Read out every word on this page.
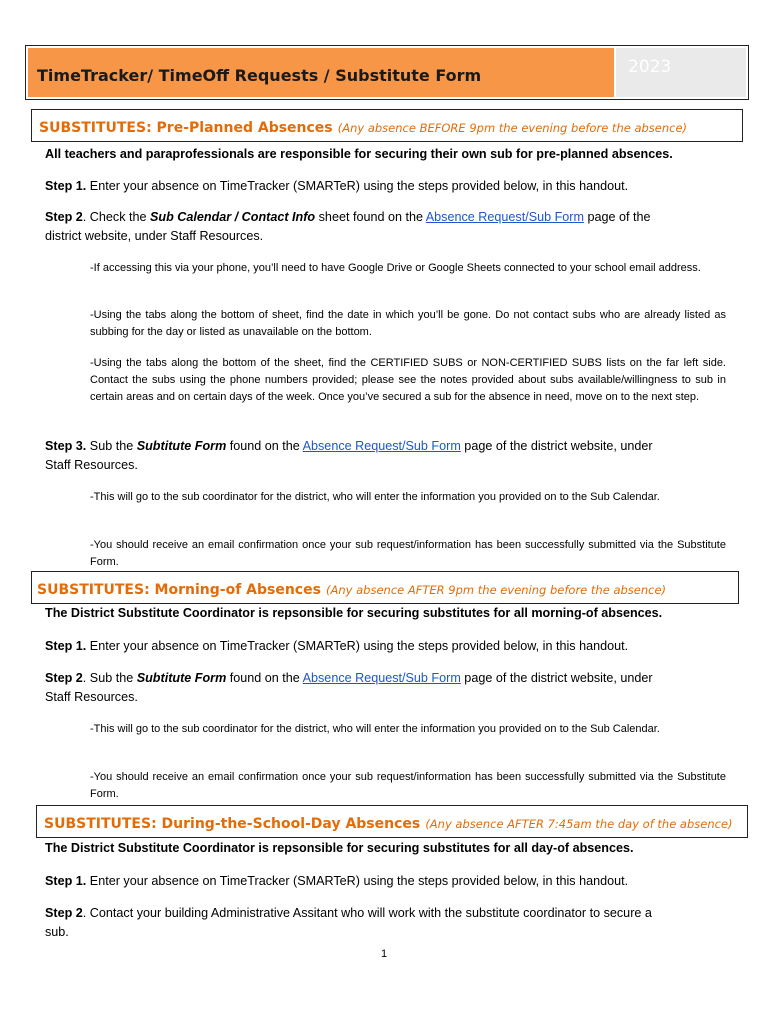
TimeTracker/ TimeOff Requests / Substitute Form	2023
SUBSTITUTES: Pre-Planned Absences (Any absence BEFORE 9pm the evening before the absence)
All teachers and paraprofessionals are responsible for securing their own sub for pre-planned absences.
Step 1. Enter your absence on TimeTracker (SMARTeR) using the steps provided below, in this handout.
Step 2. Check the Sub Calendar / Contact Info sheet found on the Absence Request/Sub Form page of the
district website, under Staff Resources.
-If accessing this via your phone, you’ll need to have Google Drive or Google Sheets connected to your school email address.
-Using the tabs along the bottom of sheet, find the date in which you’ll be gone. Do not contact subs who are already listed as subbing for the day or listed as unavailable on the bottom.
-Using the tabs along the bottom of the sheet, find the CERTIFIED SUBS or NON-CERTIFIED SUBS lists on the far left side. Contact the subs using the phone numbers provided; please see the notes provided about subs available/willingness to sub in certain areas and on certain days of the week. Once you’ve secured a sub for the absence in need, move on to the next step.
Step 3. Sub the Subtitute Form found on the Absence Request/Sub Form page of the district website, under
Staff Resources.
-This will go to the sub coordinator for the district, who will enter the information you provided on to the Sub Calendar.
-You should receive an email confirmation once your sub request/information has been successfully submitted via the Substitute Form.
SUBSTITUTES: Morning-of Absences (Any absence AFTER 9pm the evening before the absence)
The District Substitute Coordinator is repsonsible for securing substitutes for all morning-of absences.
Step 1. Enter your absence on TimeTracker (SMARTeR) using the steps provided below, in this handout.
Step 2. Sub the Subtitute Form found on the Absence Request/Sub Form page of the district website, under
Staff Resources.
-This will go to the sub coordinator for the district, who will enter the information you provided on to the Sub Calendar.
-You should receive an email confirmation once your sub request/information has been successfully submitted via the Substitute Form.
SUBSTITUTES: During-the-School-Day Absences (Any absence AFTER 7:45am the day of the absence)
The District Substitute Coordinator is repsonsible for securing substitutes for all day-of absences.
Step 1. Enter your absence on TimeTracker (SMARTeR) using the steps provided below, in this handout.
Step 2. Contact your building Administrative Assitant who will work with the substitute coordinator to secure a
sub.
1
